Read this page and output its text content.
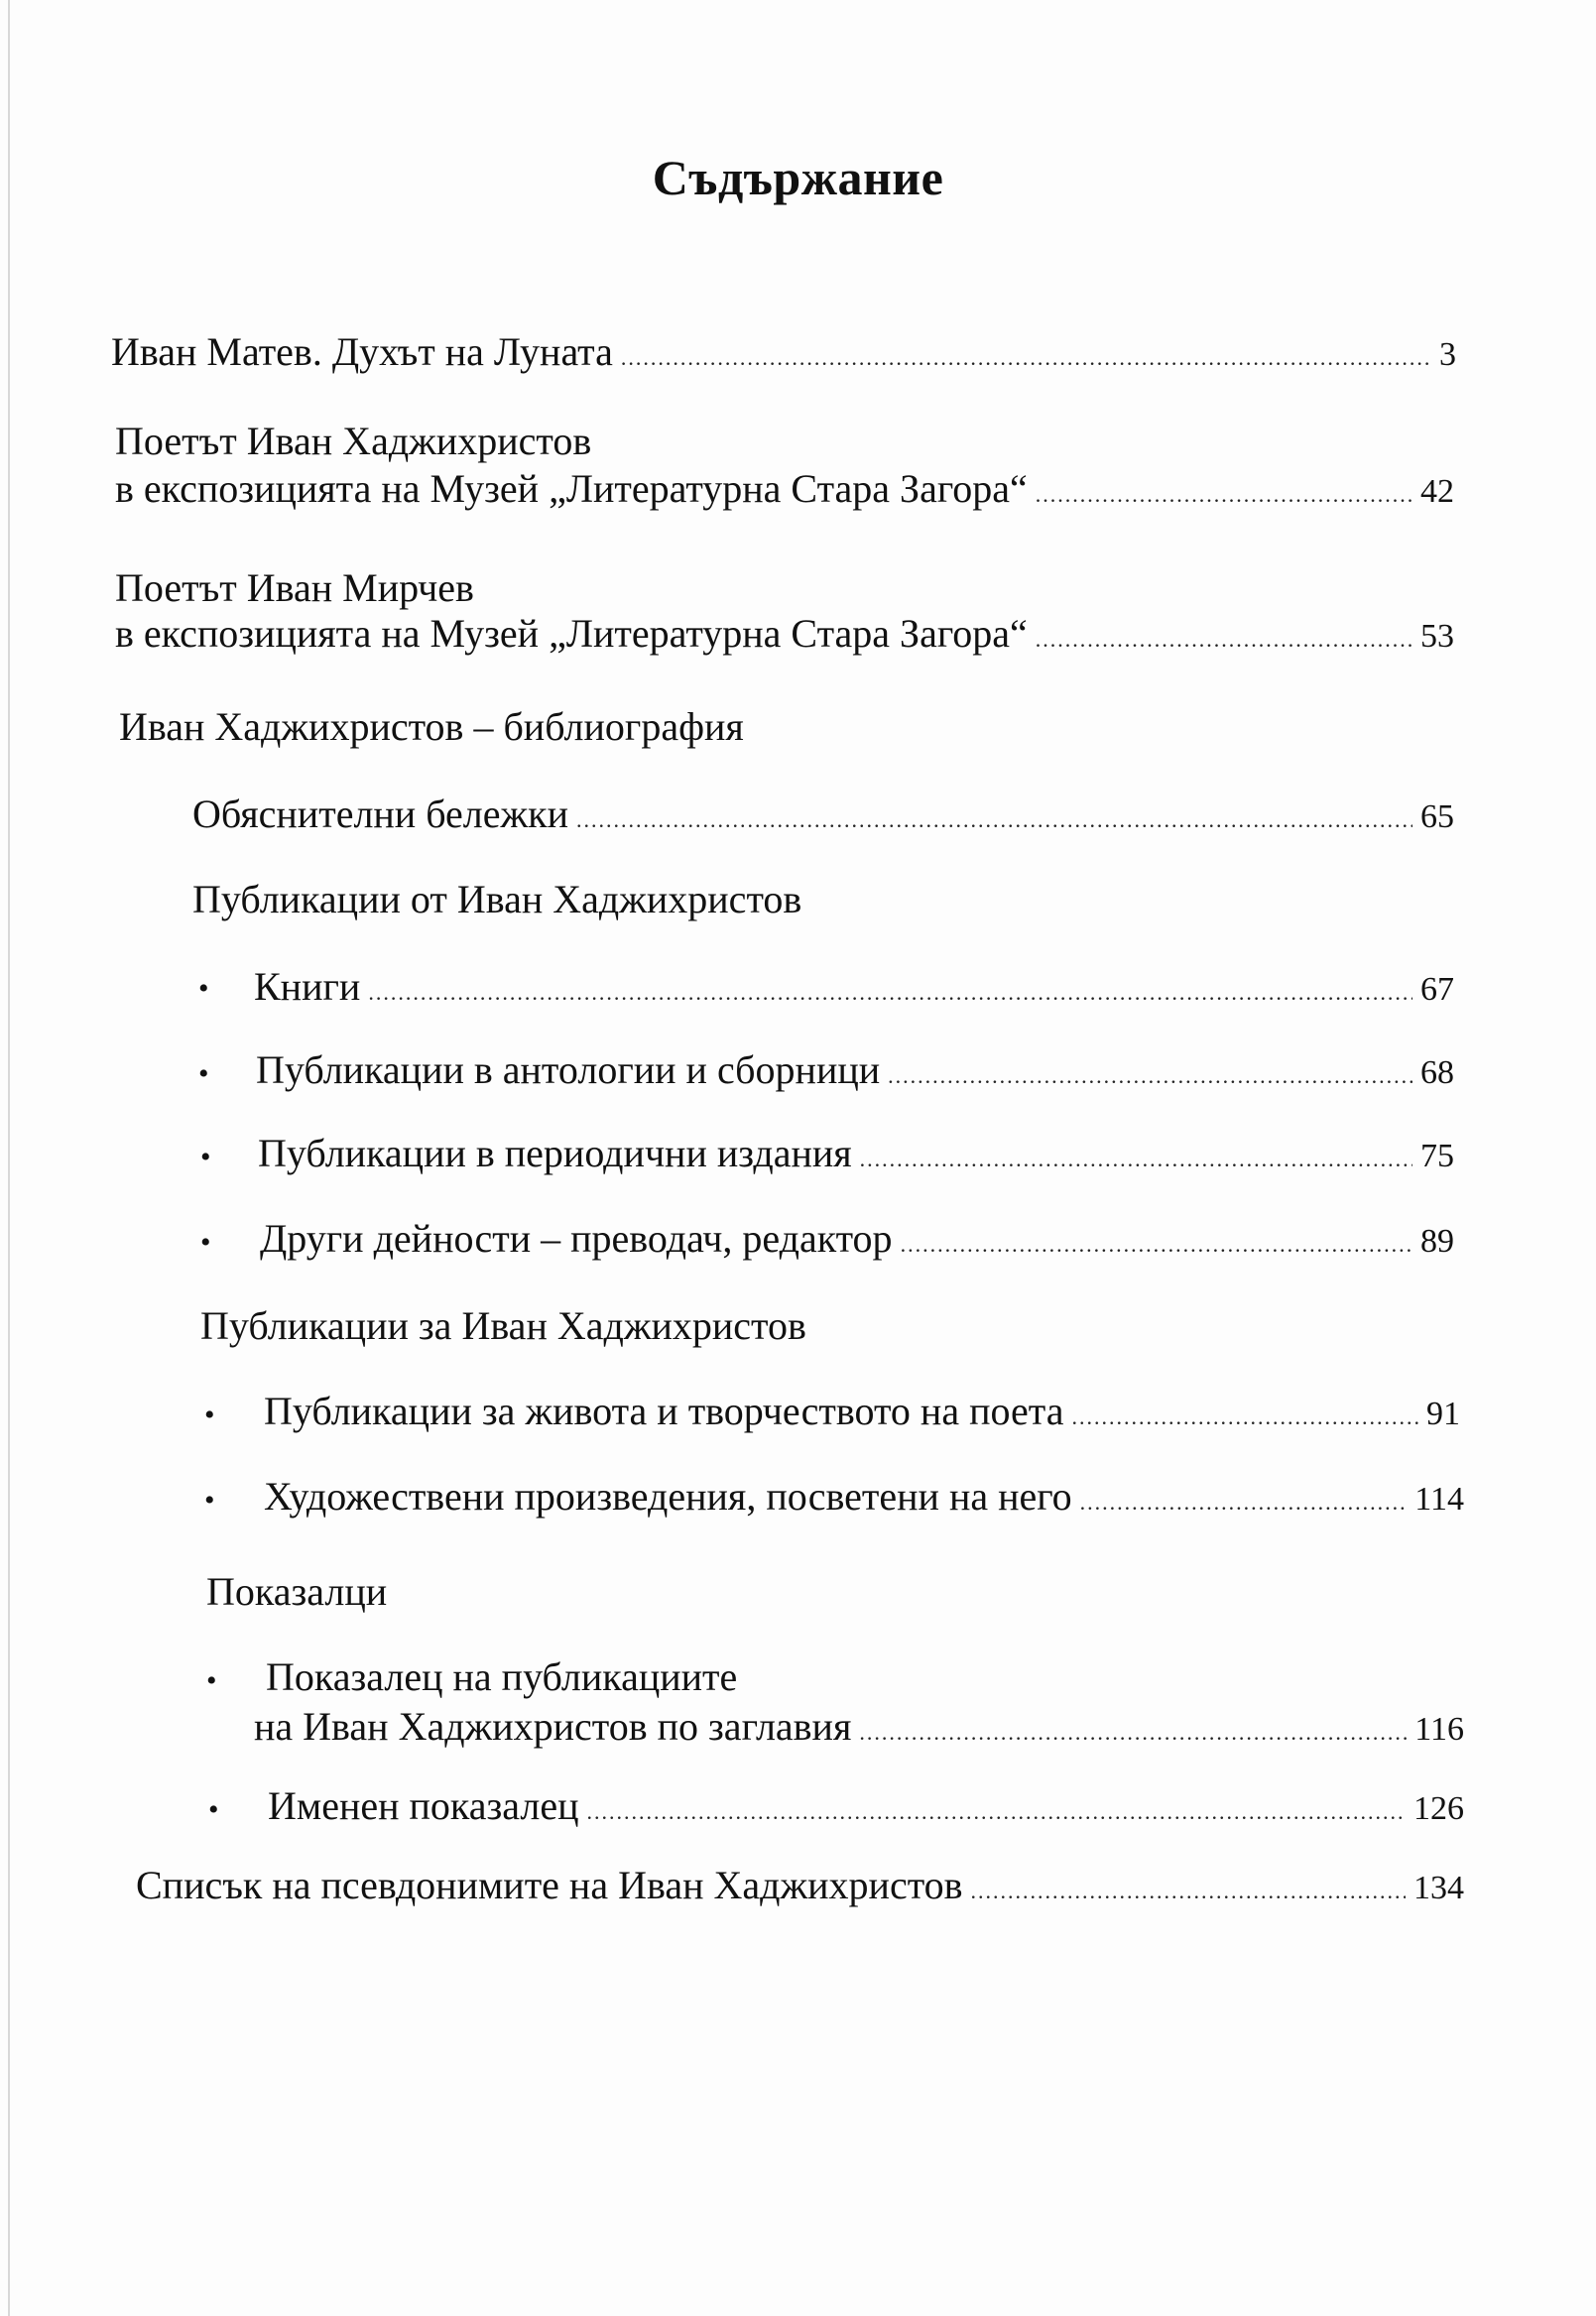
Съдържание
Иван Матев. Духът на Луната .....	3
Поетът Иван Хаджихристов
в експозицията на Музей „Литературна Стара Загора“ .....	42
Поетът Иван Мирчев
в експозицията на Музей „Литературна Стара Загора“ .....	53
Иван Хаджихристов – библиография
Обяснителни бележки .....	65
Публикации от Иван Хаджихристов
• Книги .....	67
• Публикации в антологии и сборници .....	68
• Публикации в периодични издания .....	75
• Други дейности – преводач, редактор .....	89
Публикации за Иван Хаджихристов
• Публикации за живота и творчеството на поета .....	91
• Художествени произведения, посветени на него .....	114
Показалци
• Показалец на публикациите
на Иван Хаджихристов по заглавия .....	116
• Именен показалец .....	126
Списък на псевдонимите на Иван Хаджихристов .....	134
